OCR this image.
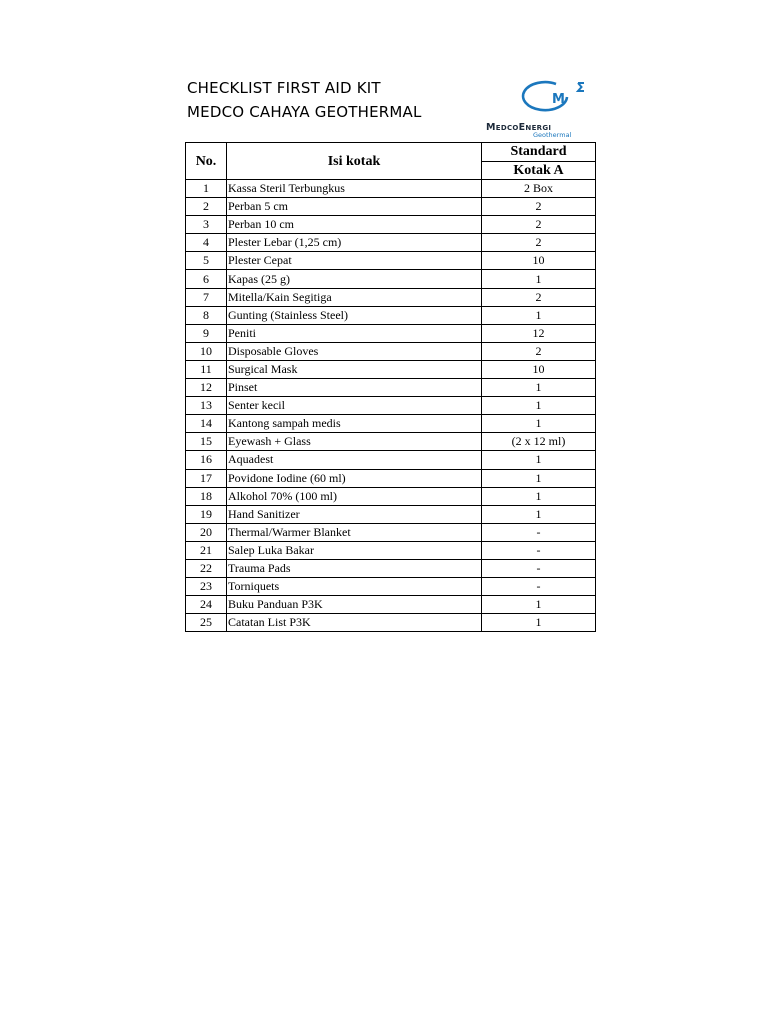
CHECKLIST FIRST AID KIT
MEDCO CAHAYA GEOTHERMAL
M
MedcoEnergi
Geothermal
No.	Isi kotak	Standard
		Kotak A
1	Kassa Steril Terbungkus	2 Box
2	Perban 5 cm	2
3	Perban 10 cm	2
4	Plester Lebar (1,25 cm)	2
5	Plester Cepat	10
6	Kapas (25 g)	1
7	Mitella/Kain Segitiga	2
8	Gunting (Stainless Steel)	1
9	Peniti	12
10	Disposable Gloves	2
11	Surgical Mask	10
12	Pinset	1
13	Senter kecil	1
14	Kantong sampah medis	1
15	Eyewash + Glass	(2 x 12 ml)
16	Aquadest	1
17	Povidone Iodine (60 ml)	1
18	Alkohol 70% (100 ml)	1
19	Hand Sanitizer	1
20	Thermal/Warmer Blanket	-
21	Salep Luka Bakar	-
22	Trauma Pads	-
23	Torniquets	-
24	Buku Panduan P3K	1
25	Catatan List P3K	1
